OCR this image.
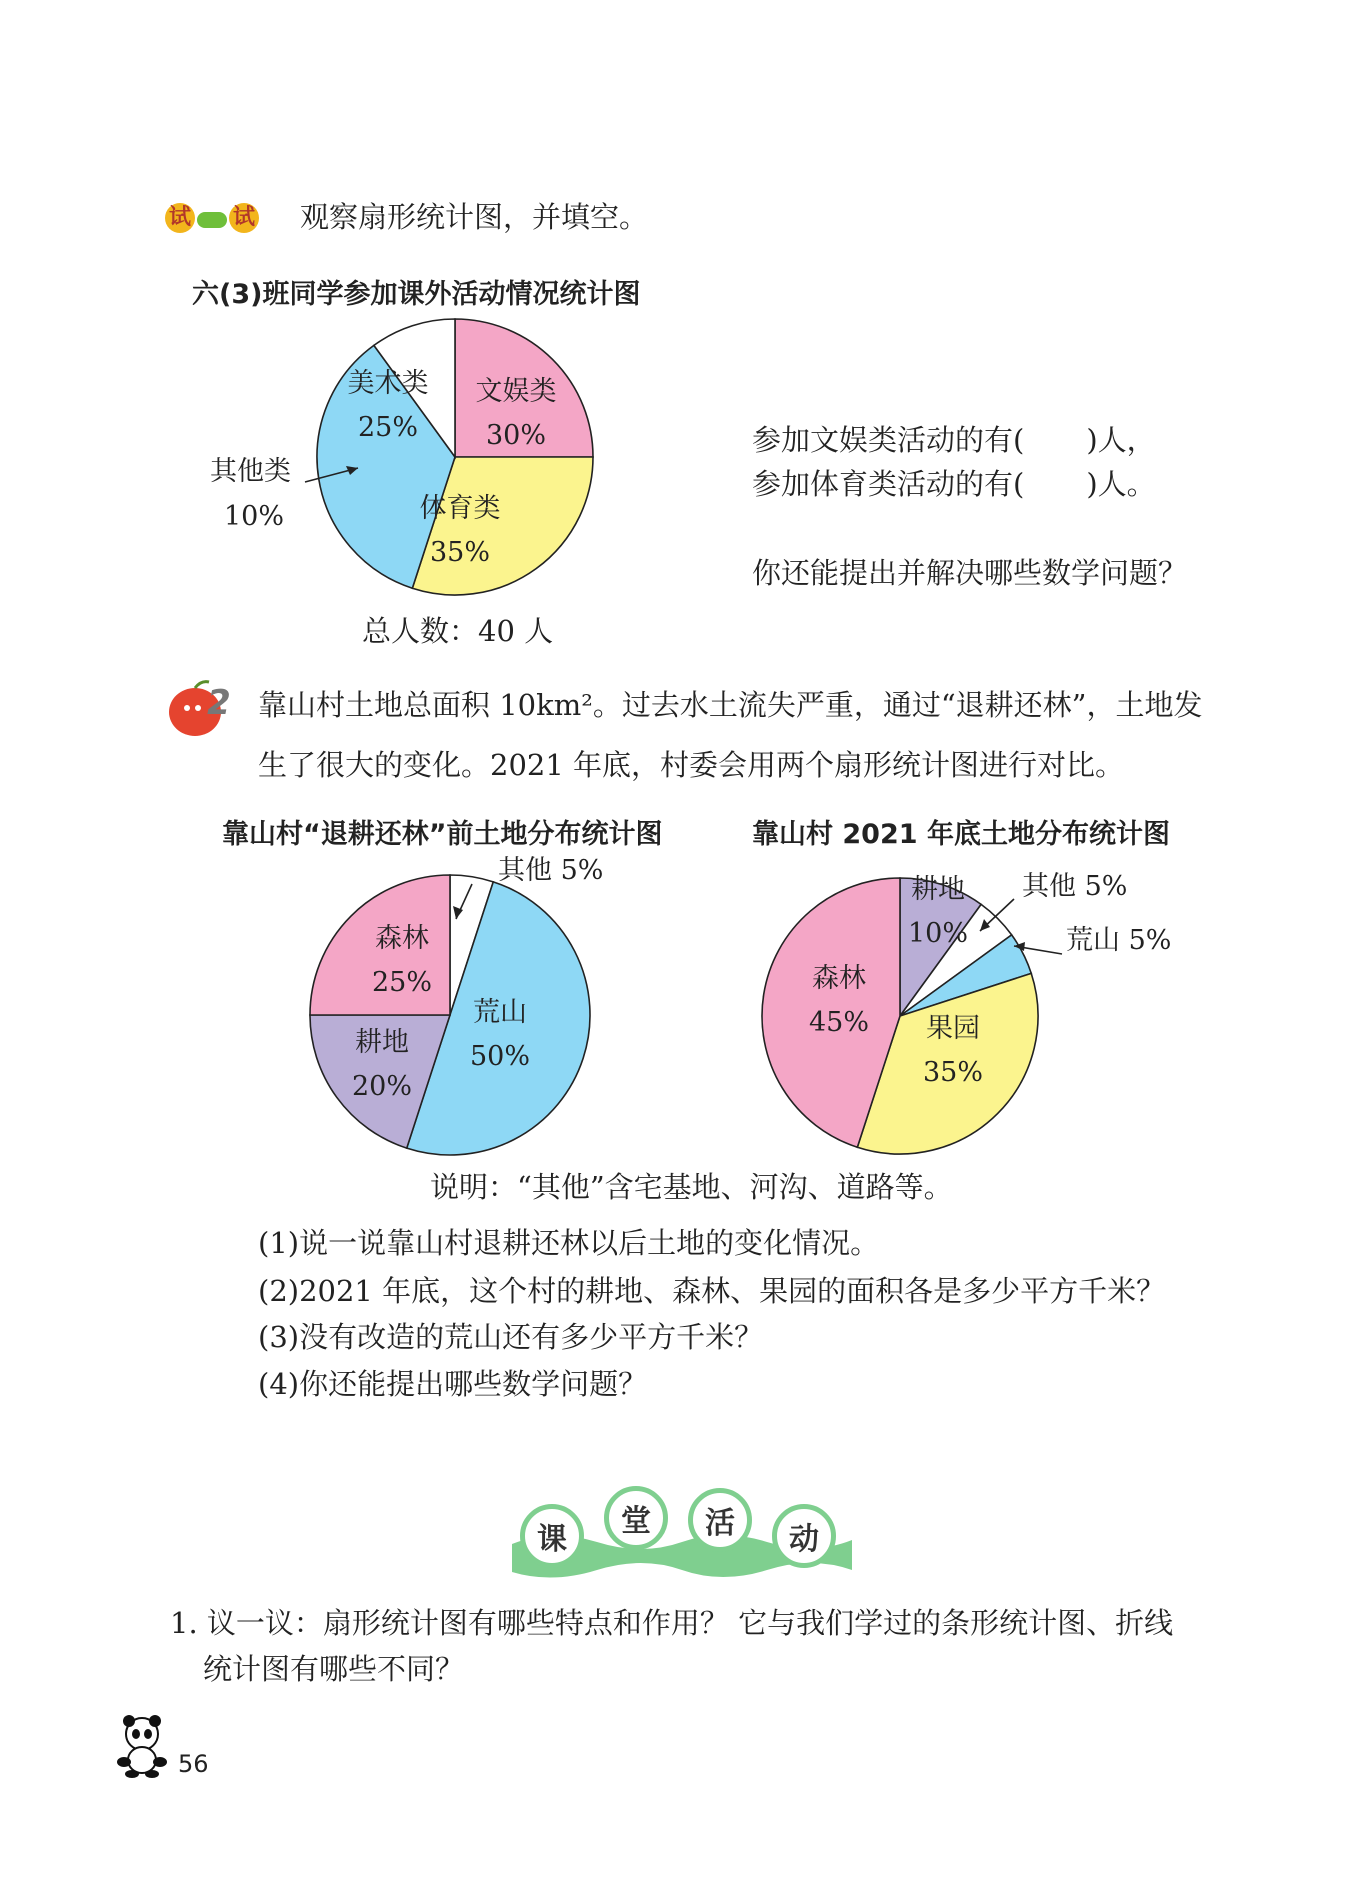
试 试 观察扇形统计图，并填空。
六(3)班同学参加课外活动情况统计图
美术类
25%
文娱类
30%
体育类
35%
其他类
10%
总人数：40 人
参加文娱类活动的有( )人，
参加体育类活动的有( )人。
你还能提出并解决哪些数学问题？
2 靠山村土地总面积 10km²。过去水土流失严重，通过“退耕还林”，土地发
生了很大的变化。2021 年底，村委会用两个扇形统计图进行对比。
靠山村“退耕还林”前土地分布统计图	靠山村 2021 年底土地分布统计图
森林
25%
耕地
20%
荒山
50%
其他 5%
耕地
10%
森林
45% 果园
35%
其他 5%
荒山 5%
说明：“其他”含宅基地、河沟、道路等。
(1)说一说靠山村退耕还林以后土地的变化情况。
(2)2021 年底，这个村的耕地、森林、果园的面积各是多少平方千米？
(3)没有改造的荒山还有多少平方千米？
(4)你还能提出哪些数学问题？
课
堂	活	动
1. 议一议：扇形统计图有哪些特点和作用？ 它与我们学过的条形统计图、折线
统计图有哪些不同？
56
